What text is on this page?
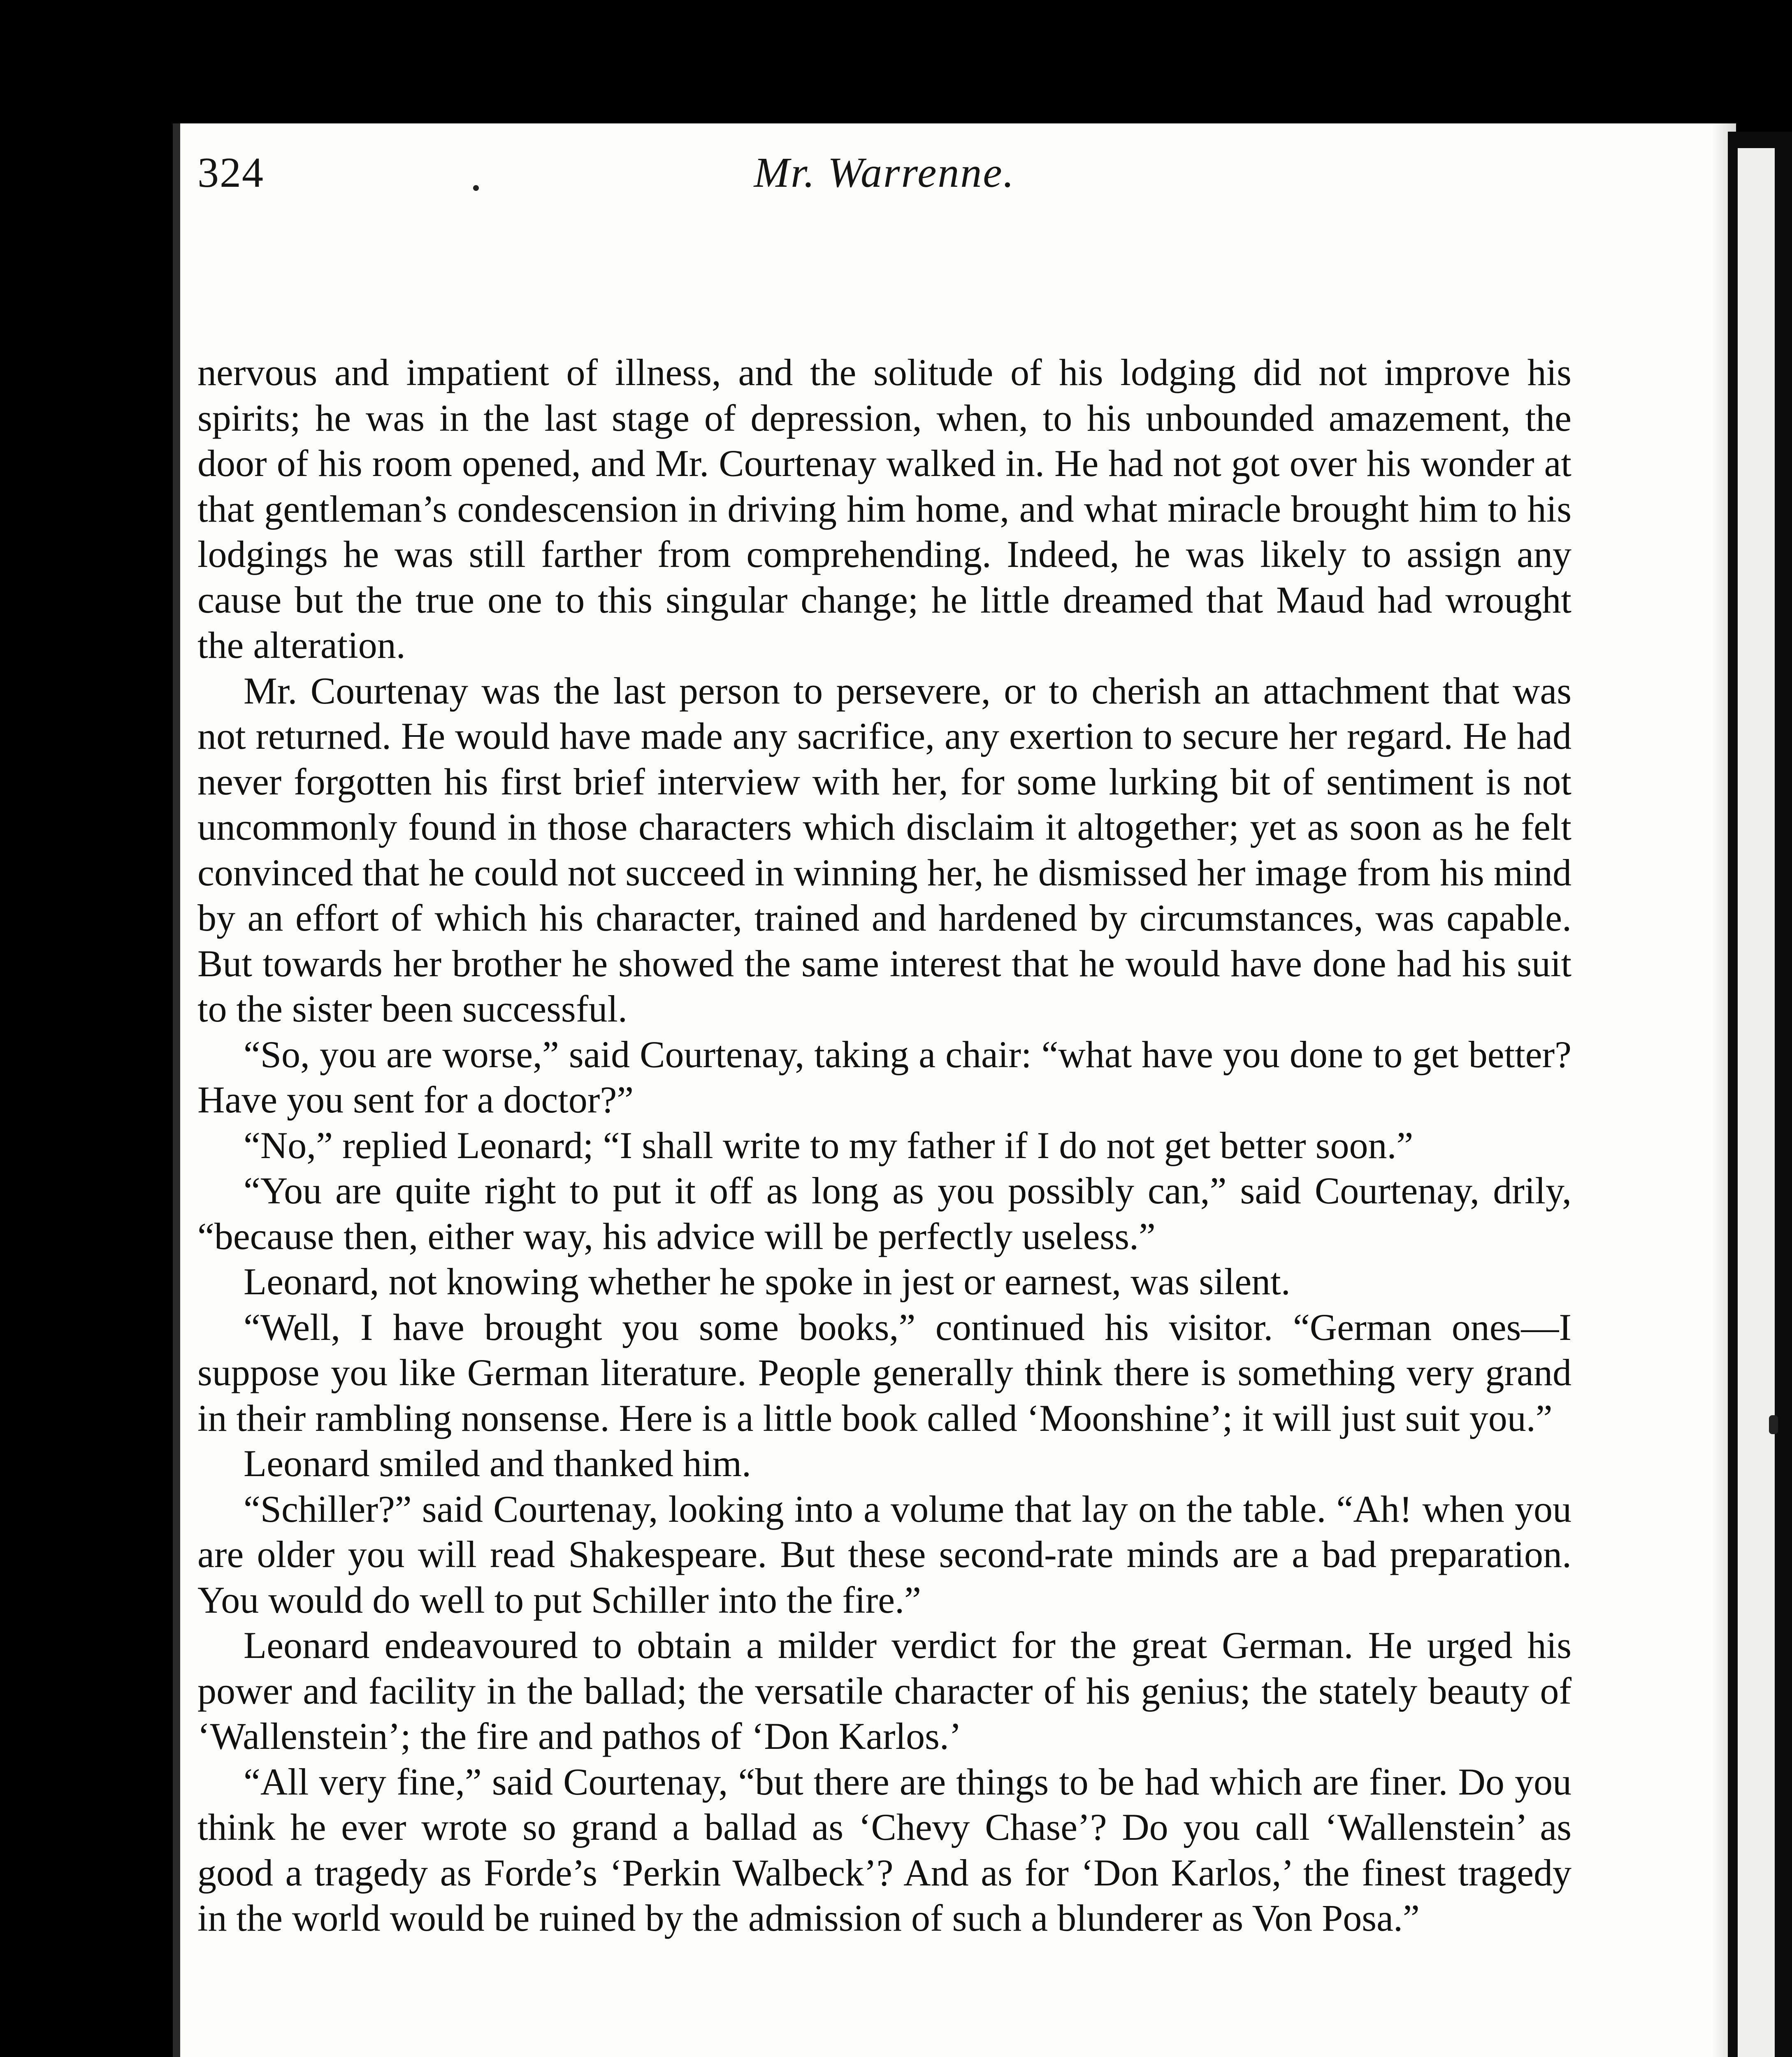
324	Mr. Warrenne.

nervous and impatient of illness, and the solitude of his lodging did not improve his spirits; he was in the last stage of depression, when, to his unbounded amazement, the door of his room opened, and Mr. Courtenay walked in. He had not got over his wonder at that gentleman’s condescension in driving him home, and what miracle brought him to his lodgings he was still farther from comprehending. Indeed, he was likely to assign any cause but the true one to this singular change; he little dreamed that Maud had wrought the alteration.

Mr. Courtenay was the last person to persevere, or to cherish an attachment that was not returned. He would have made any sacrifice, any exertion to secure her regard. He had never forgotten his first brief interview with her, for some lurking bit of sentiment is not uncommonly found in those characters which disclaim it altogether; yet as soon as he felt convinced that he could not succeed in winning her, he dismissed her image from his mind by an effort of which his character, trained and hardened by circumstances, was capable. But towards her brother he showed the same interest that he would have done had his suit to the sister been successful.

“So, you are worse,” said Courtenay, taking a chair: “what have you done to get better? Have you sent for a doctor?”

“No,” replied Leonard; “I shall write to my father if I do not get better soon.”

“You are quite right to put it off as long as you possibly can,” said Courtenay, drily, “because then, either way, his advice will be perfectly useless.”

Leonard, not knowing whether he spoke in jest or earnest, was silent.

“Well, I have brought you some books,” continued his visitor. “German ones—I suppose you like German literature. People generally think there is something very grand in their rambling nonsense. Here is a little book called ‘Moonshine’; it will just suit you.”

Leonard smiled and thanked him.

“Schiller?” said Courtenay, looking into a volume that lay on the table. “Ah! when you are older you will read Shakespeare. But these second-rate minds are a bad preparation. You would do well to put Schiller into the fire.”

Leonard endeavoured to obtain a milder verdict for the great German. He urged his power and facility in the ballad; the versatile character of his genius; the stately beauty of ‘Wallenstein’; the fire and pathos of ‘Don Karlos.’

“All very fine,” said Courtenay, “but there are things to be had which are finer. Do you think he ever wrote so grand a ballad as ‘Chevy Chase’? Do you call ‘Wallenstein’ as good a tragedy as Forde’s ‘Perkin Walbeck’? And as for ‘Don Karlos,’ the finest tragedy in the world would be ruined by the admission of such a blunderer as Von Posa.”
